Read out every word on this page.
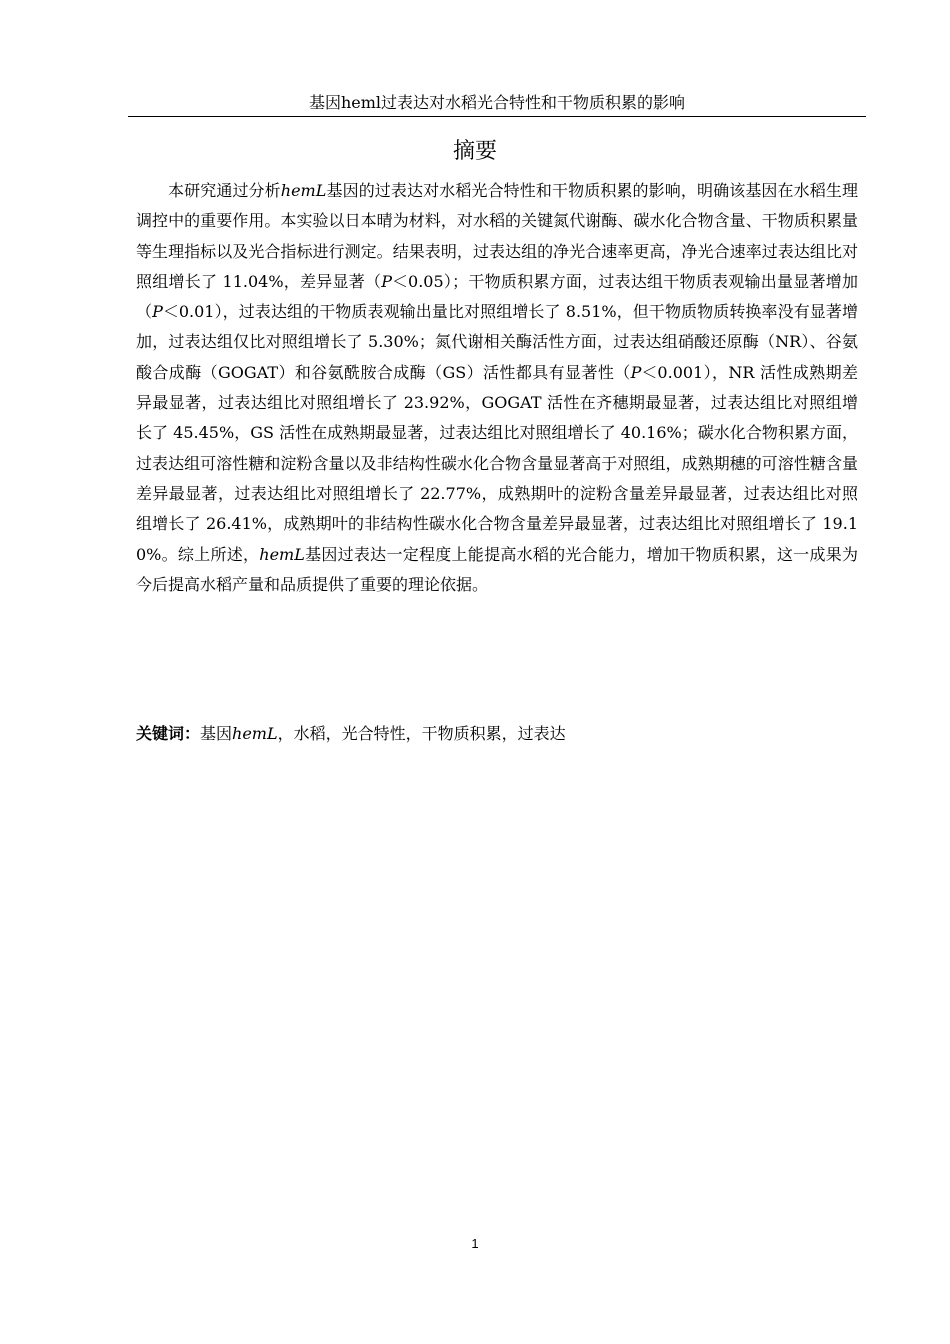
基因heml过表达对水稻光合特性和干物质积累的影响
摘要

本研究通过分析hemL基因的过表达对水稻光合特性和干物质积累的影响，明确该基因在水稻生理调控中的重要作用。本实验以日本晴为材料，对水稻的关键氮代谢酶、碳水化合物含量、干物质积累量等生理指标以及光合指标进行测定。结果表明，过表达组的净光合速率更高，净光合速率过表达组比对照组增长了 11.04%，差异显著（P＜0.05）；干物质积累方面，过表达组干物质表观输出量显著增加（P＜0.01），过表达组的干物质表观输出量比对照组增长了 8.51%，但干物质物质转换率没有显著增加，过表达组仅比对照组增长了 5.30%；氮代谢相关酶活性方面，过表达组硝酸还原酶（NR）、谷氨酸合成酶（GOGAT）和谷氨酰胺合成酶（GS）活性都具有显著性（P＜0.001），NR 活性成熟期差异最显著，过表达组比对照组增长了 23.92%，GOGAT 活性在齐穗期最显著，过表达组比对照组增长了 45.45%，GS 活性在成熟期最显著，过表达组比对照组增长了 40.16%；碳水化合物积累方面，过表达组可溶性糖和淀粉含量以及非结构性碳水化合物含量显著高于对照组，成熟期穗的可溶性糖含量差异最显著，过表达组比对照组增长了 22.77%，成熟期叶的淀粉含量差异最显著，过表达组比对照组增长了 26.41%，成熟期叶的非结构性碳水化合物含量差异最显著，过表达组比对照组增长了 19.10%。综上所述，hemL基因过表达一定程度上能提高水稻的光合能力，增加干物质积累，这一成果为今后提高水稻产量和品质提供了重要的理论依据。

关键词：基因hemL，水稻，光合特性，干物质积累，过表达

1
